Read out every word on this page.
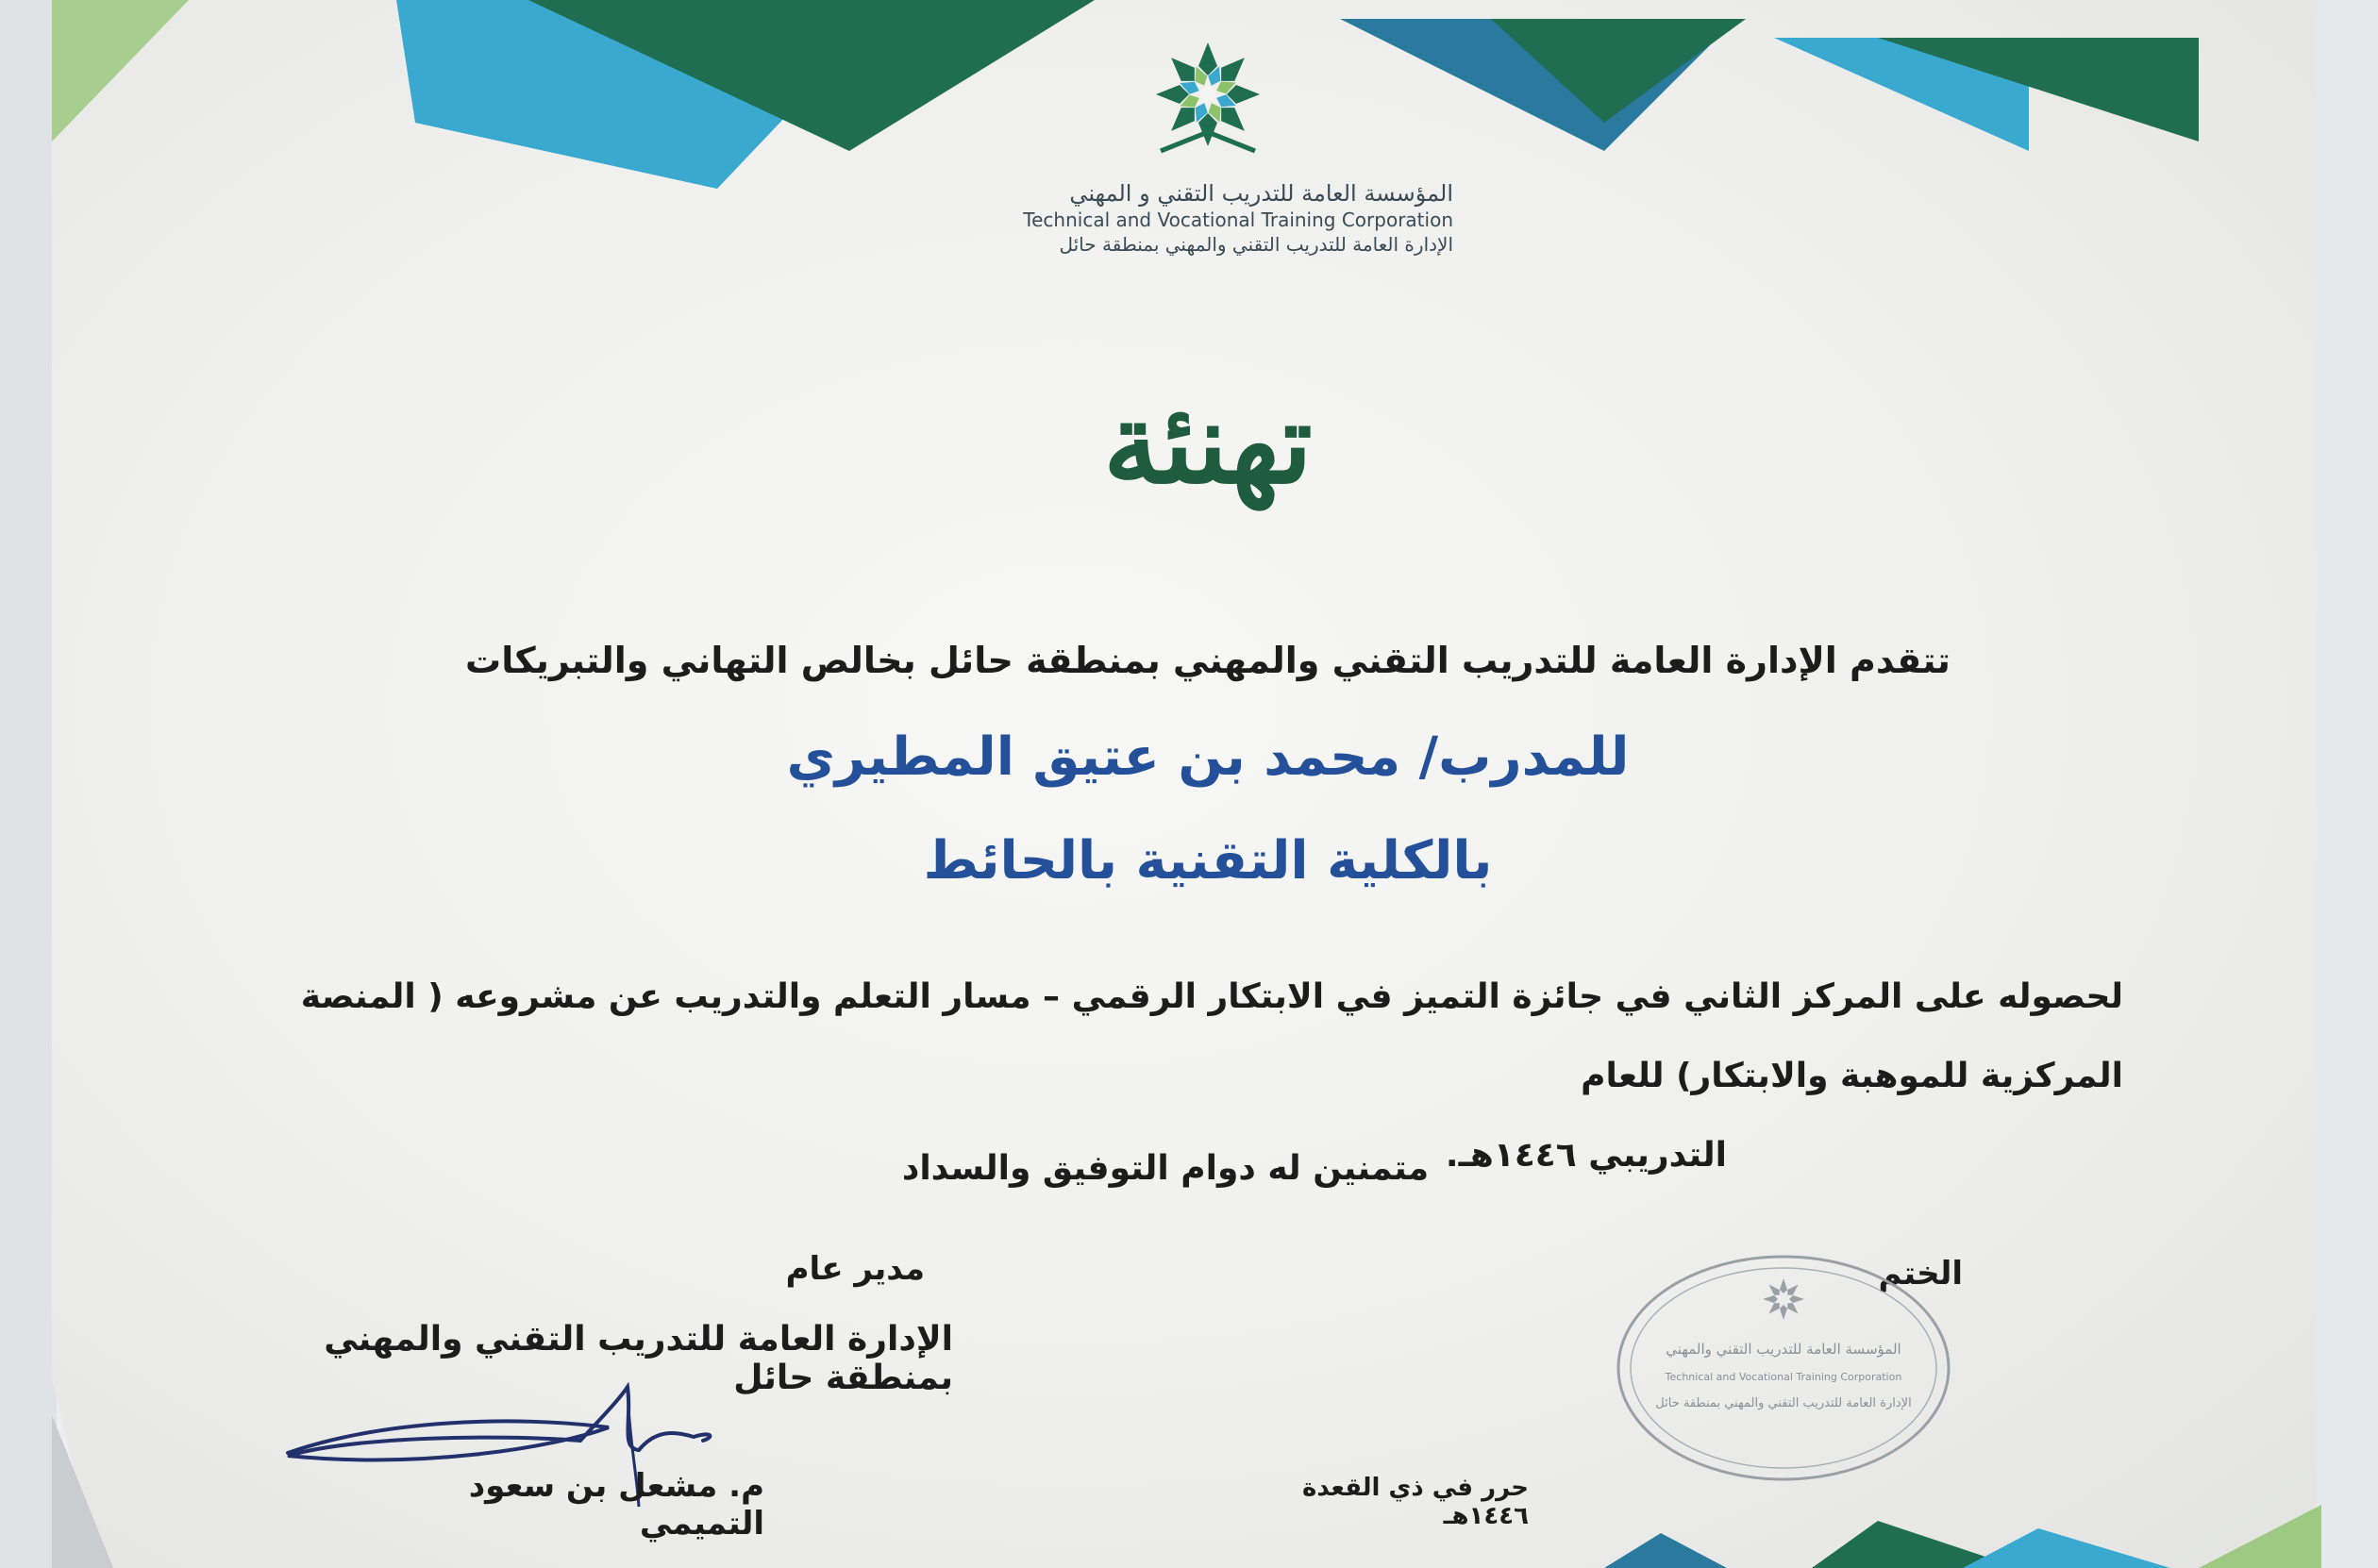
المؤسسة العامة للتدريب التقني و المهني
Technical and Vocational Training Corporation
الإدارة العامة للتدريب التقني والمهني بمنطقة حائل
تهنئة
تتقدم الإدارة العامة للتدريب التقني والمهني بمنطقة حائل بخالص التهاني والتبريكات
للمدرب/ محمد بن عتيق المطيري
بالكلية التقنية بالحائط
لحصوله على المركز الثاني في جائزة التميز في الابتكار الرقمي – مسار التعلم والتدريب عن مشروعه ( المنصة المركزية للموهبة والابتكار) للعام
التدريبي ١٤٤٦هـ.
متمنين له دوام التوفيق والسداد
مدير عام
الإدارة العامة للتدريب التقني والمهني بمنطقة حائل
م. مشعل بن سعود التميمي
الختم
المؤسسة العامة للتدريب التقني والمهني
Technical and Vocational Training Corporation
الإدارة العامة للتدريب التقني والمهني بمنطقة حائل
حرر في ذي القعدة ١٤٤٦هـ
